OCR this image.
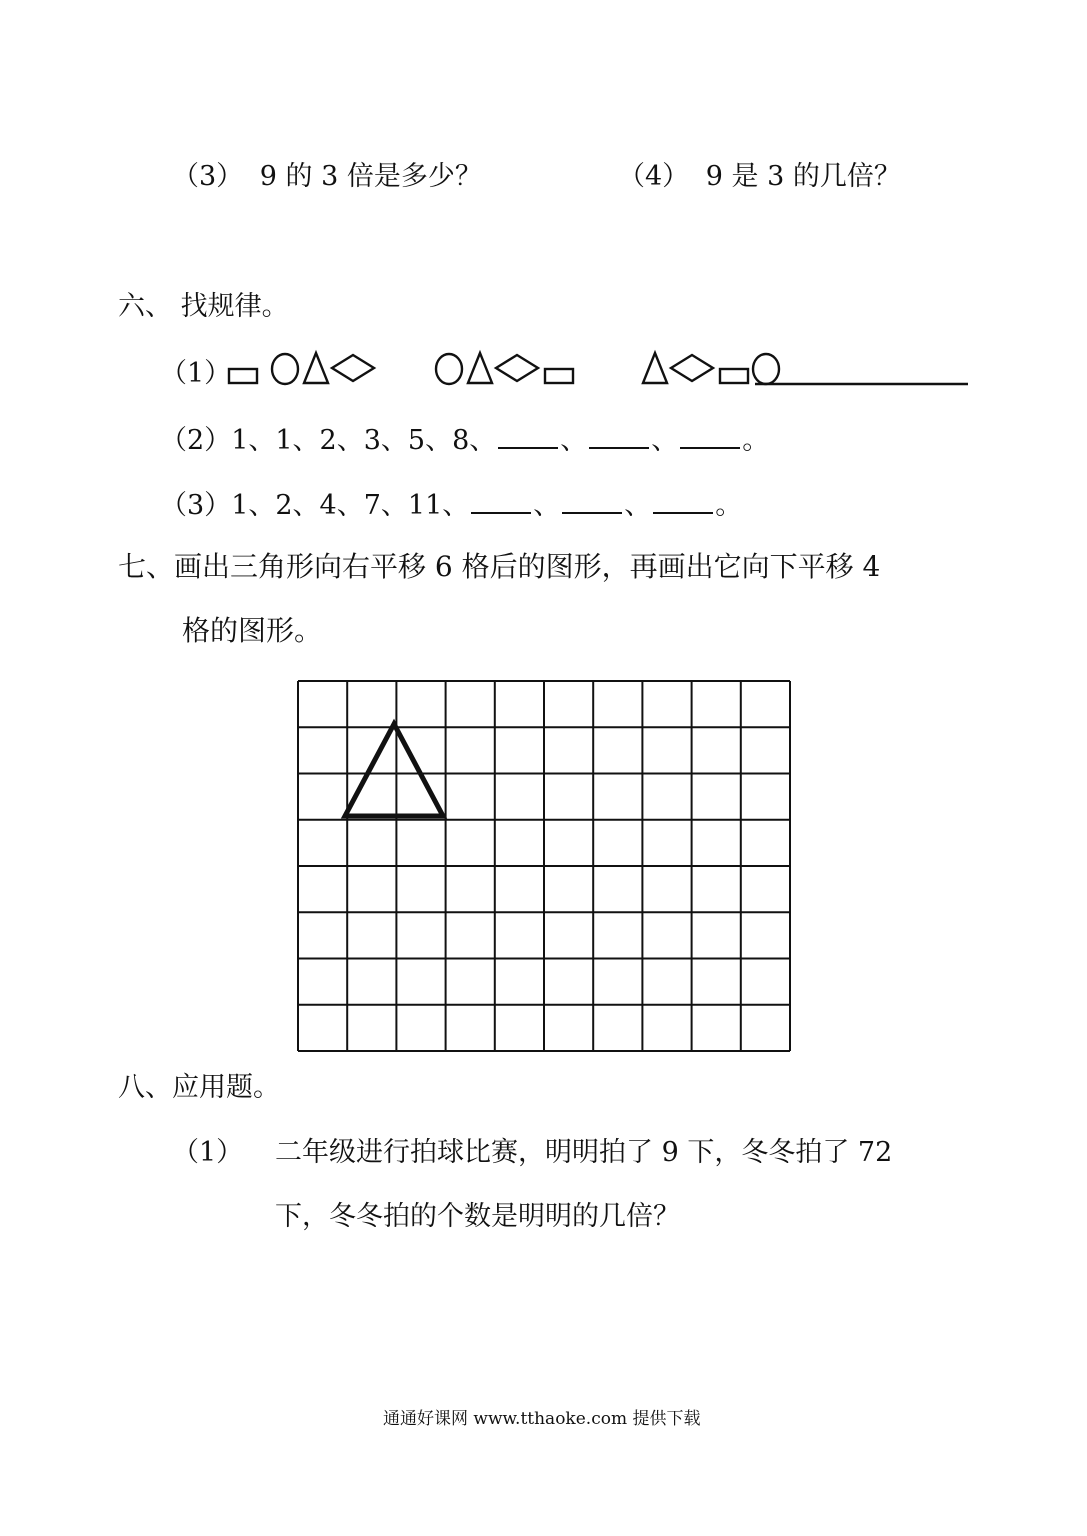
（3） 9 的 3 倍是多少？	（4） 9 是 3 的几倍？
六、 找规律。
（1）
（2）1、1、2、3、5、8、 、 、 。
（3）1、2、4、7、11、 、 、 。
七、画出三角形向右平移 6 格后的图形，再画出它向下平移 4
格的图形。
八、应用题。
（1） 二年级进行拍球比赛，明明拍了 9 下，冬冬拍了 72
下，冬冬拍的个数是明明的几倍？
通通好课网 www.tthaoke.com 提供下载
